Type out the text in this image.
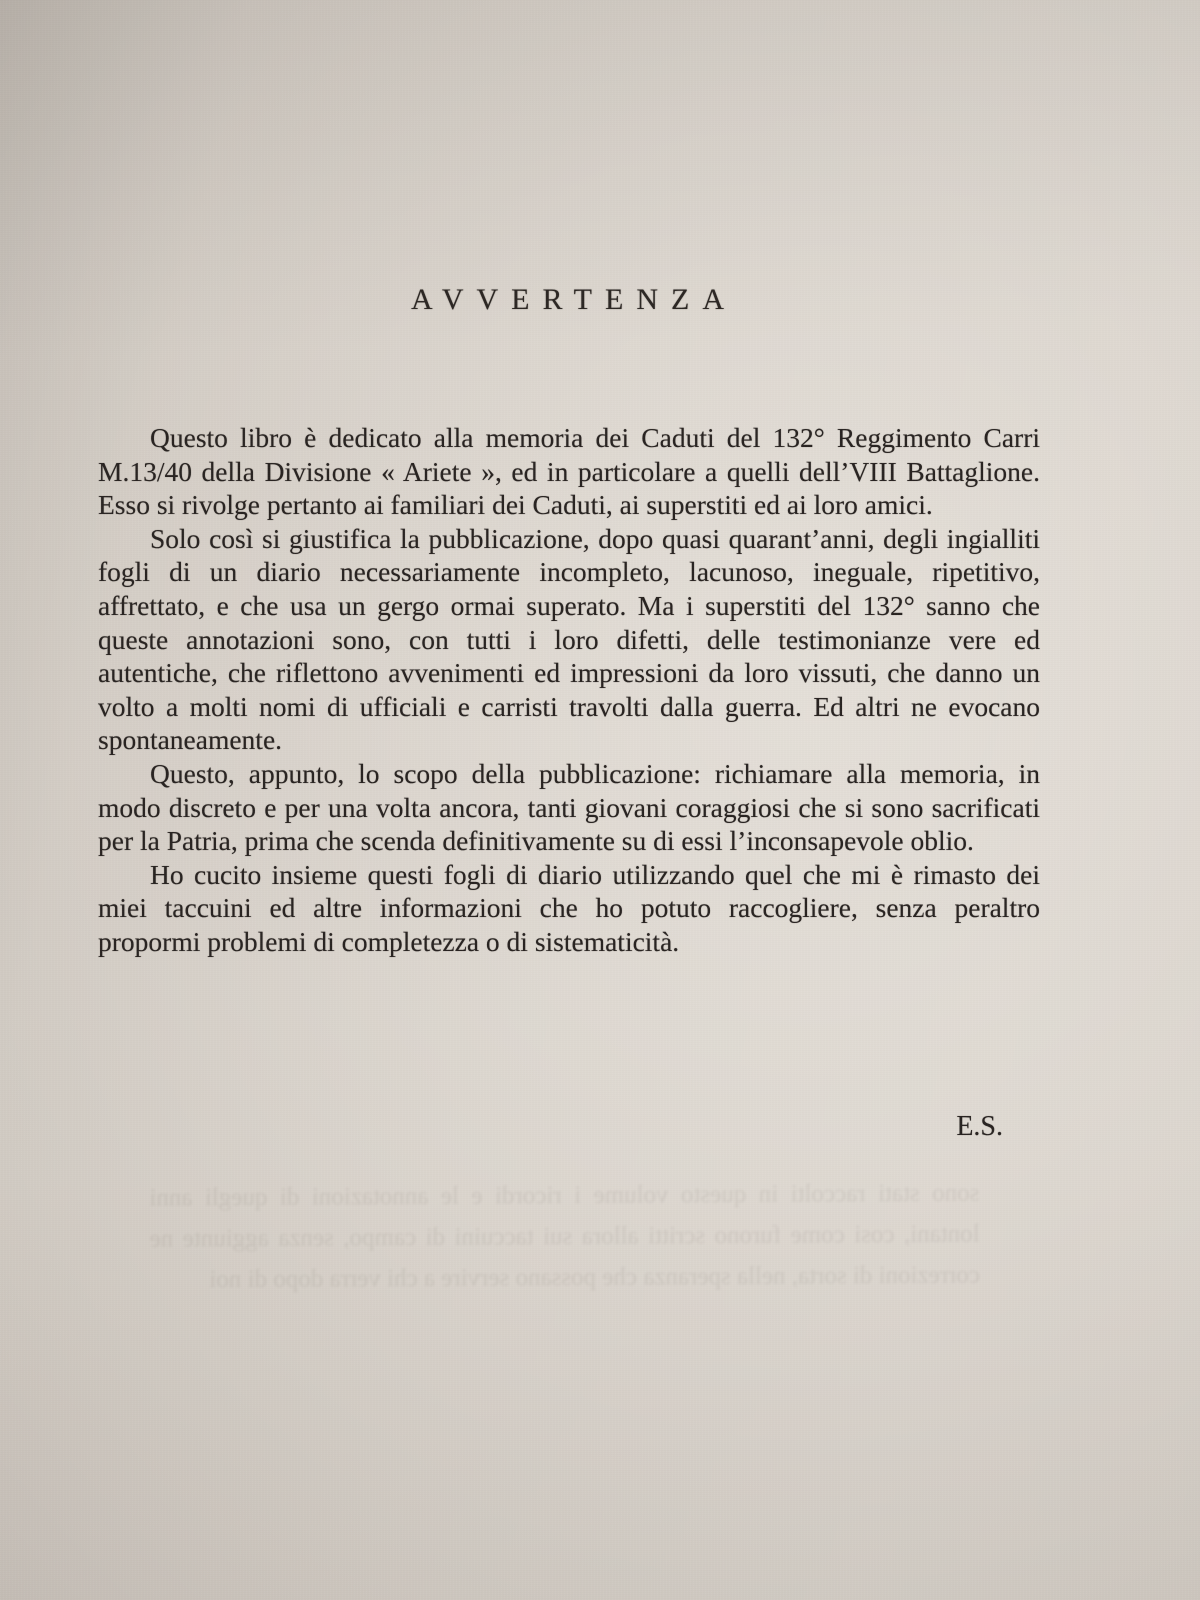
AVVERTENZA

Questo libro è dedicato alla memoria dei Caduti del 132° Reggimento Carri M.13/40 della Divisione « Ariete », ed in particolare a quelli dell’VIII Battaglione. Esso si rivolge pertanto ai familiari dei Caduti, ai superstiti ed ai loro amici.

Solo così si giustifica la pubblicazione, dopo quasi quarant’anni, degli ingialliti fogli di un diario necessariamente incompleto, lacunoso, ineguale, ripetitivo, affrettato, e che usa un gergo ormai superato. Ma i superstiti del 132° sanno che queste annotazioni sono, con tutti i loro difetti, delle testimonianze vere ed autentiche, che riflettono avvenimenti ed impressioni da loro vissuti, che danno un volto a molti nomi di ufficiali e carristi travolti dalla guerra. Ed altri ne evocano spontaneamente.

Questo, appunto, lo scopo della pubblicazione: richiamare alla memoria, in modo discreto e per una volta ancora, tanti giovani coraggiosi che si sono sacrificati per la Patria, prima che scenda definitivamente su di essi l’inconsapevole oblio.

Ho cucito insieme questi fogli di diario utilizzando quel che mi è rimasto dei miei taccuini ed altre informazioni che ho potuto raccogliere, senza peraltro propormi problemi di completezza o di sistematicità.

E.S.
sono stati raccolti in questo volume i ricordi e le annotazioni di quegli anni lontani, cosi come furono scritti allora sui taccuini di campo, senza aggiunte ne correzioni di sorta, nella speranza che possano servire a chi verra dopo di noi
